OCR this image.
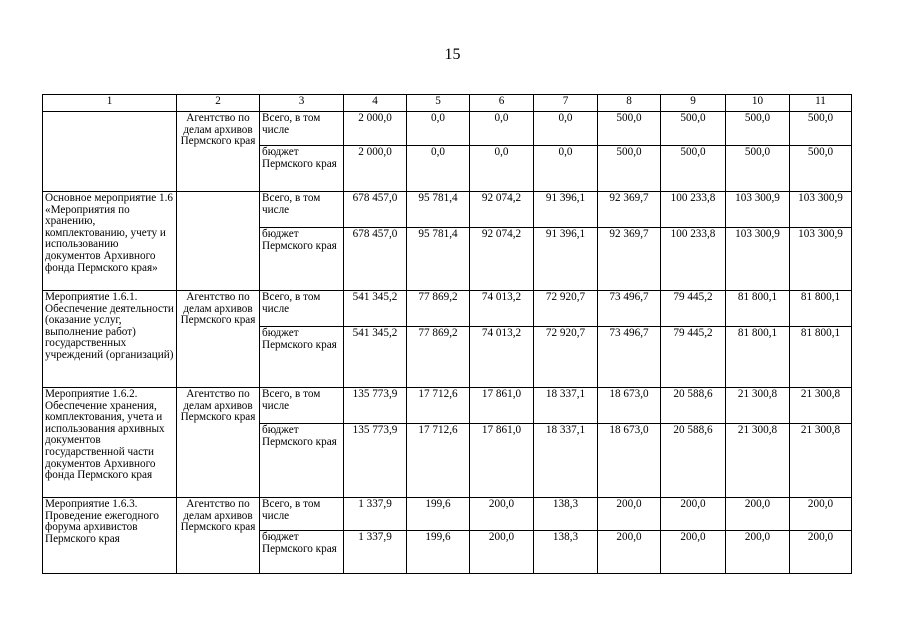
15
1	2	3	4	5	6	7	8	9	10	11
	Агентство по делам архивов Пермского края	Всего, в том числе	2 000,0	0,0	0,0	0,0	500,0	500,0	500,0	500,0
		бюджет Пермского края	2 000,0	0,0	0,0	0,0	500,0	500,0	500,0	500,0
Основное мероприятие 1.6 «Мероприятия по хранению, комплектованию, учету и использованию документов Архивного фонда Пермского края»		Всего, в том числе	678 457,0	95 781,4	92 074,2	91 396,1	92 369,7	100 233,8	103 300,9	103 300,9
		бюджет Пермского края	678 457,0	95 781,4	92 074,2	91 396,1	92 369,7	100 233,8	103 300,9	103 300,9
Мероприятие 1.6.1. Обеспечение деятельности (оказание услуг, выполнение работ) государственных учреждений (организаций)	Агентство по делам архивов Пермского края	Всего, в том числе	541 345,2	77 869,2	74 013,2	72 920,7	73 496,7	79 445,2	81 800,1	81 800,1
		бюджет Пермского края	541 345,2	77 869,2	74 013,2	72 920,7	73 496,7	79 445,2	81 800,1	81 800,1
Мероприятие 1.6.2. Обеспечение хранения, комплектования, учета и использования архивных документов государственной части документов Архивного фонда Пермского края	Агентство по делам архивов Пермского края	Всего, в том числе	135 773,9	17 712,6	17 861,0	18 337,1	18 673,0	20 588,6	21 300,8	21 300,8
		бюджет Пермского края	135 773,9	17 712,6	17 861,0	18 337,1	18 673,0	20 588,6	21 300,8	21 300,8
Мероприятие 1.6.3. Проведение ежегодного форума архивистов Пермского края	Агентство по делам архивов Пермского края	Всего, в том числе	1 337,9	199,6	200,0	138,3	200,0	200,0	200,0	200,0
		бюджет Пермского края	1 337,9	199,6	200,0	138,3	200,0	200,0	200,0	200,0
